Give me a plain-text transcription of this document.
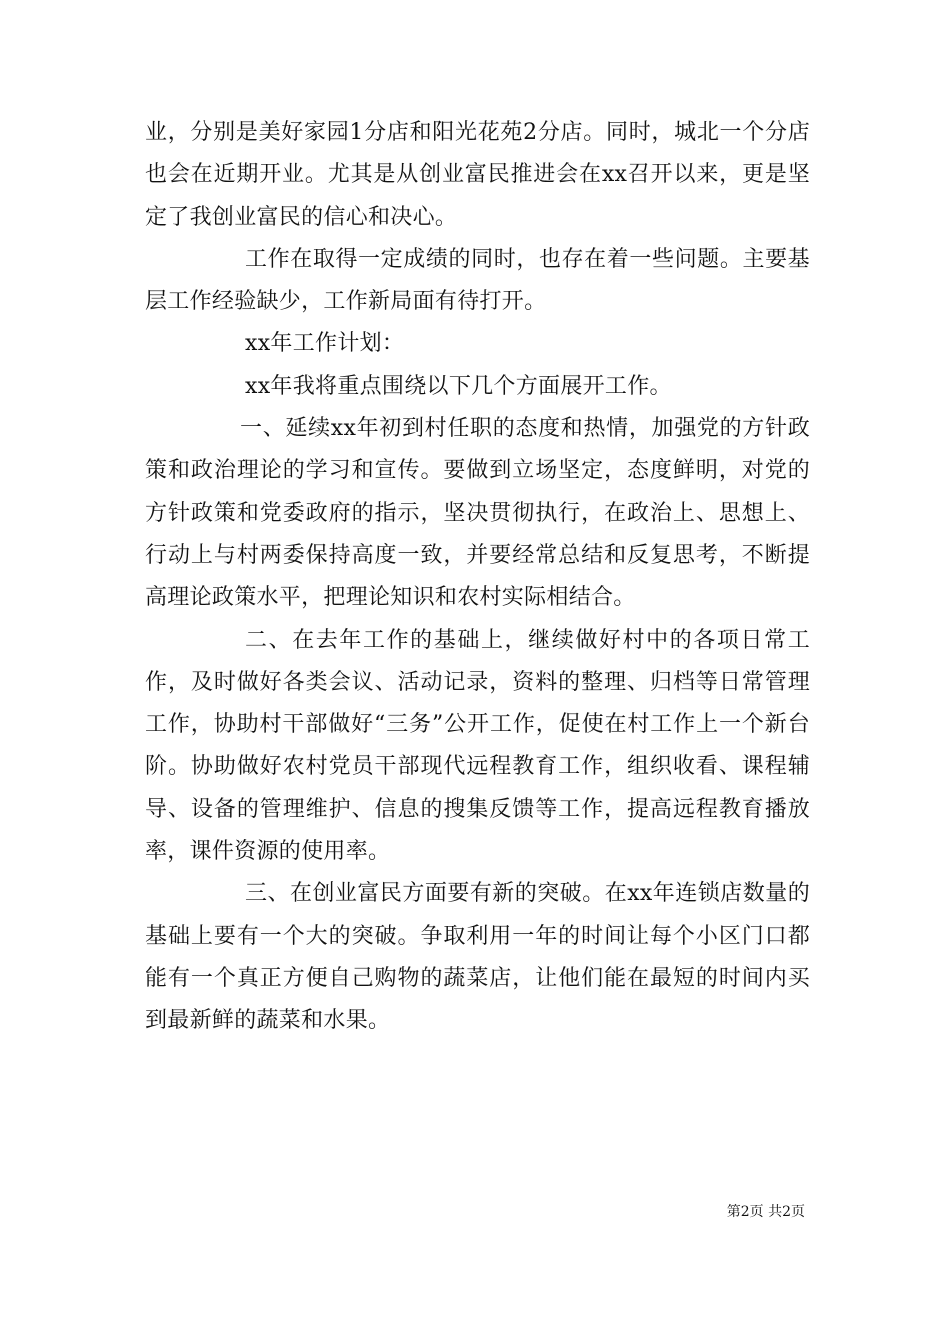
业，分别是美好家园1分店和阳光花苑2分店。同时，城北一个分店也会在近期开业。尤其是从创业富民推进会在xx召开以来，更是坚定了我创业富民的信心和决心。

工作在取得一定成绩的同时，也存在着一些问题。主要基层工作经验缺少，工作新局面有待打开。

xx年工作计划：

xx年我将重点围绕以下几个方面展开工作。

一、延续xx年初到村任职的态度和热情，加强党的方针政策和政治理论的学习和宣传。要做到立场坚定，态度鲜明，对党的方针政策和党委政府的指示，坚决贯彻执行，在政治上、思想上、行动上与村两委保持高度一致，并要经常总结和反复思考，不断提高理论政策水平，把理论知识和农村实际相结合。

二、在去年工作的基础上，继续做好村中的各项日常工作，及时做好各类会议、活动记录，资料的整理、归档等日常管理工作，协助村干部做好“三务”公开工作，促使在村工作上一个新台阶。协助做好农村党员干部现代远程教育工作，组织收看、课程辅导、设备的管理维护、信息的搜集反馈等工作，提高远程教育播放率，课件资源的使用率。

三、在创业富民方面要有新的突破。在xx年连锁店数量的基础上要有一个大的突破。争取利用一年的时间让每个小区门口都能有一个真正方便自己购物的蔬菜店，让他们能在最短的时间内买到最新鲜的蔬菜和水果。

第2页 共2页
